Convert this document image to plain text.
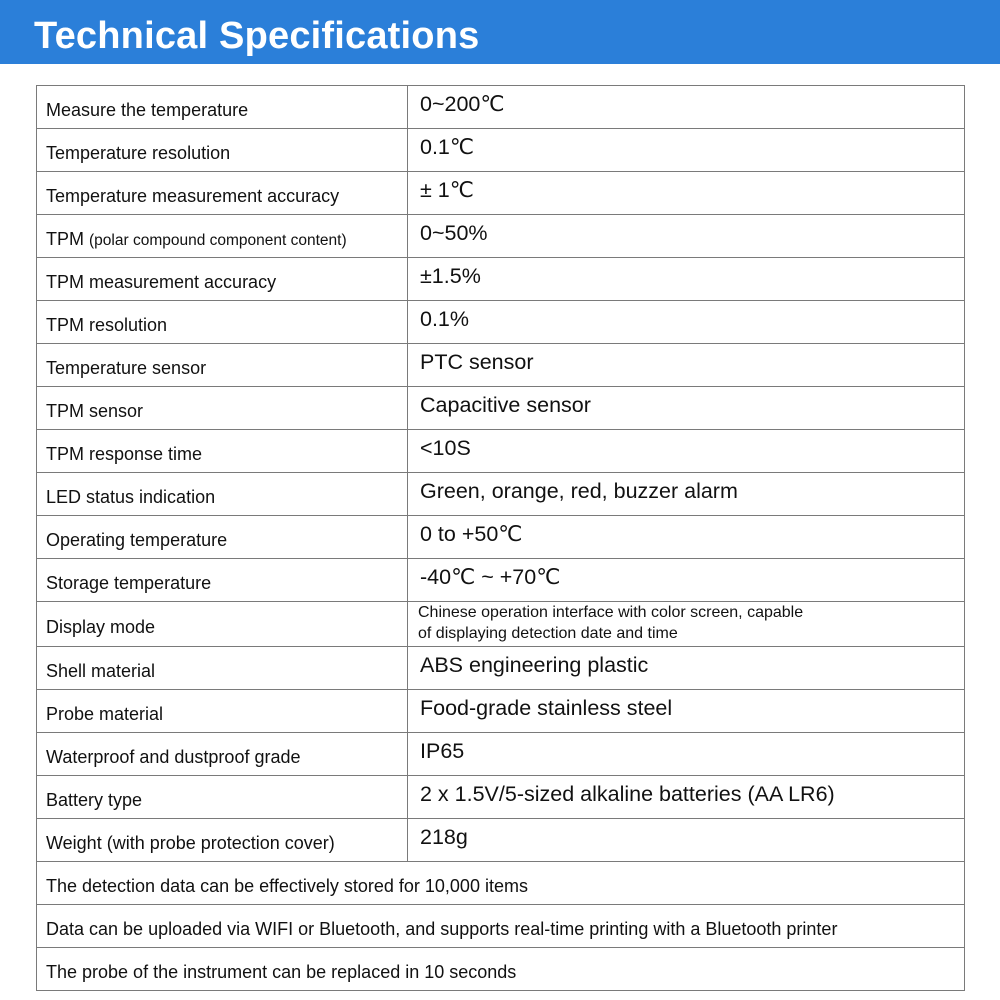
Technical Specifications
Measure the temperature	0~200℃
Temperature resolution	0.1℃
Temperature measurement accuracy	± 1℃
TPM (polar compound component content)	0~50%
TPM measurement accuracy	±1.5%
TPM resolution	0.1%
Temperature sensor	PTC sensor
TPM sensor	Capacitive sensor
TPM response time	<10S
LED status indication	Green, orange, red, buzzer alarm
Operating temperature	0 to +50℃
Storage temperature	-40℃ ~ +70℃
Display mode	Chinese operation interface with color screen, capable
of displaying detection date and time
Shell material	ABS engineering plastic
Probe material	Food-grade stainless steel
Waterproof and dustproof grade	IP65
Battery type	2 x 1.5V/5-sized alkaline batteries (AA LR6)
Weight (with probe protection cover)	218g
The detection data can be effectively stored for 10,000 items	
Data can be uploaded via WIFI or Bluetooth, and supports real-time printing with a Bluetooth printer	
The probe of the instrument can be replaced in 10 seconds	
